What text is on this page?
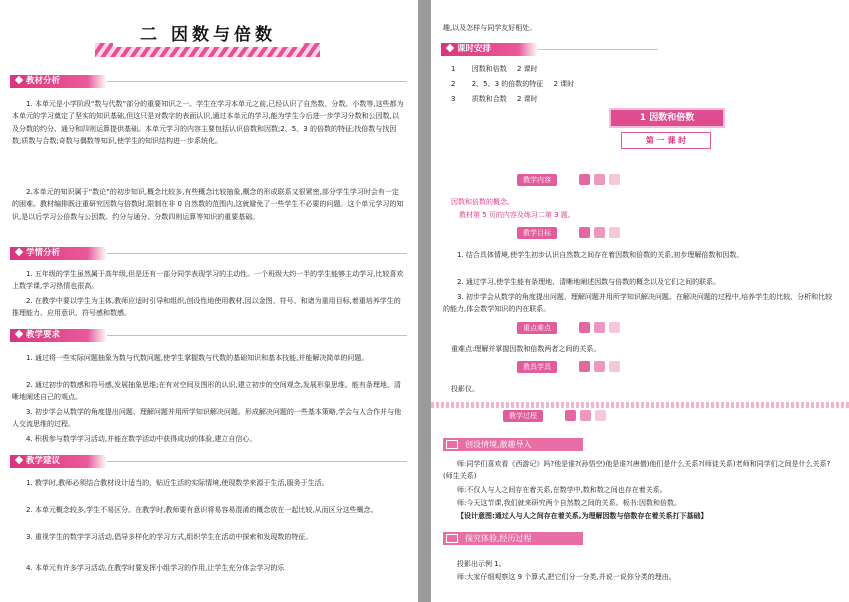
二 因数与倍数
教材分析

1. 本单元是小学阶段“数与代数”部分的重要知识之一。学生在学习本单元之前,已经认识了自然数、分数、小数等,这些都为本单元的学习奠定了坚实的知识基础,但这只是对数字的表面认识,通过本单元的学习,能为学生今后进一步学习分数和公因数,以及分数的约分、通分和四则运算提供基础。本单元学习的内容主要包括认识倍数和因数;2、5、3 的倍数的特征;找倍数与找因数;质数与合数;奇数与偶数等知识,使学生的知识结构进一步系统化。

2.本单元的知识属于“数论”的初步知识,概念比较多,有些概念比较抽象,概念的形成联系又很紧密,部分学生学习时会有一定的困难。教材编排既注重研究因数与倍数时,限制在非 0 自然数的范围内,这就避免了一些学生不必要的问题。这个单元学习的知识,是以后学习公倍数与公因数、约分与通分、分数四则运算等知识的重要基础。

学情分析

1. 五年级的学生虽然属于高年级,但是还有一部分同学表现学习的主动性。一个班级大约一半的学生能够主动学习,比较喜欢上数学课,学习热情也很高。

2. 在教学中要以学生为主体,教师应适时引导和组织,创设性地使用教材,因以金图、符号、和诸为重用目标,着重培养学生的推理能力、应用意识、符号感和数感。

教学要求

1. 通过将一些实际问题抽象为数与代数问题,使学生掌握数与代数的基础知识和基本技能,并能解决简单的问题。

2. 通过初步的数感和符号感,发展抽象思维;在有对空间及图形的认识,建立初步的空间观念,发展形象思维。能有条理地、清晰地阐述自己的观点。

3. 初步学会从数学的角度提出问题、理解问题并用所学知识解决问题。形成解决问题的一些基本策略,学会与人合作并与他人交流思维的过程。

4. 积极参与数学学习活动,并能在数学活动中获得成功的体验,建立自信心。

教学建议

1. 教学时,教师必须结合教材设计适当的、贴近生活的实际情境,使现数学来源于生活,服务于生活。

2. 本单元概念较多,学生不易区分。在教学时,教师要有意识将易容易混淆的概念放在一起比较,从而区分这些概念。

3. 重视学生的数学学习活动,倡导多样化的学习方式,组织学生在活动中探索和发现数的特征。

4. 本单元有许多学习活动,在教学时要发挥小组学习的作用,让学生充分体会学习的乐

趣,以及怎样与同学友好相处。

课时安排
1 因数和倍数 2 课时
2 2、5、3 的倍数的特征 2 课时
3 质数和合数 2 课时
1 因数和倍数
第 一 课 时
教学内容
因数和倍数的概念。
教材第 5 页的内容及练习二第 3 题。
教学目标

1. 结合具体情境,使学生初步认识自然数之间存在着因数和倍数的关系,初步理解倍数和因数。

2. 通过学习,使学生能有条理地、清晰地阐述因数与倍数的概念以及它们之间的联系。

3. 初步学会从数学的角度提出问题、理解问题并用所学知识解决问题。在解决问题的过程中,培养学生的比较、分析和比较的能力,体会数学知识的内在联系。

重点难点
重难点:理解并掌握因数和倍数两者之间的关系。
教具学具
投影仪。
教学过程
创设情境,激趣导入

师:同学们喜欢看《西游记》吗?他是谁?(孙悟空)他是谁?(唐僧)他们是什么关系?(师徒关系)老师和同学们之间是什么关系?(师生关系)

师:不仅人与人之间存在着关系,在数学中,数和数之间也存在着关系。

师:今天这节课,我们就来研究两个自然数之间的关系。板书:因数和倍数。

【设计意图:通过人与人之间存在着关系,为理解因数与倍数存在着关系打下基础】

探究体验,经历过程

投影出示例 1。

师:大家仔细观察这 9 个算式,把它们分一分类,并说一说你分类的理由。
